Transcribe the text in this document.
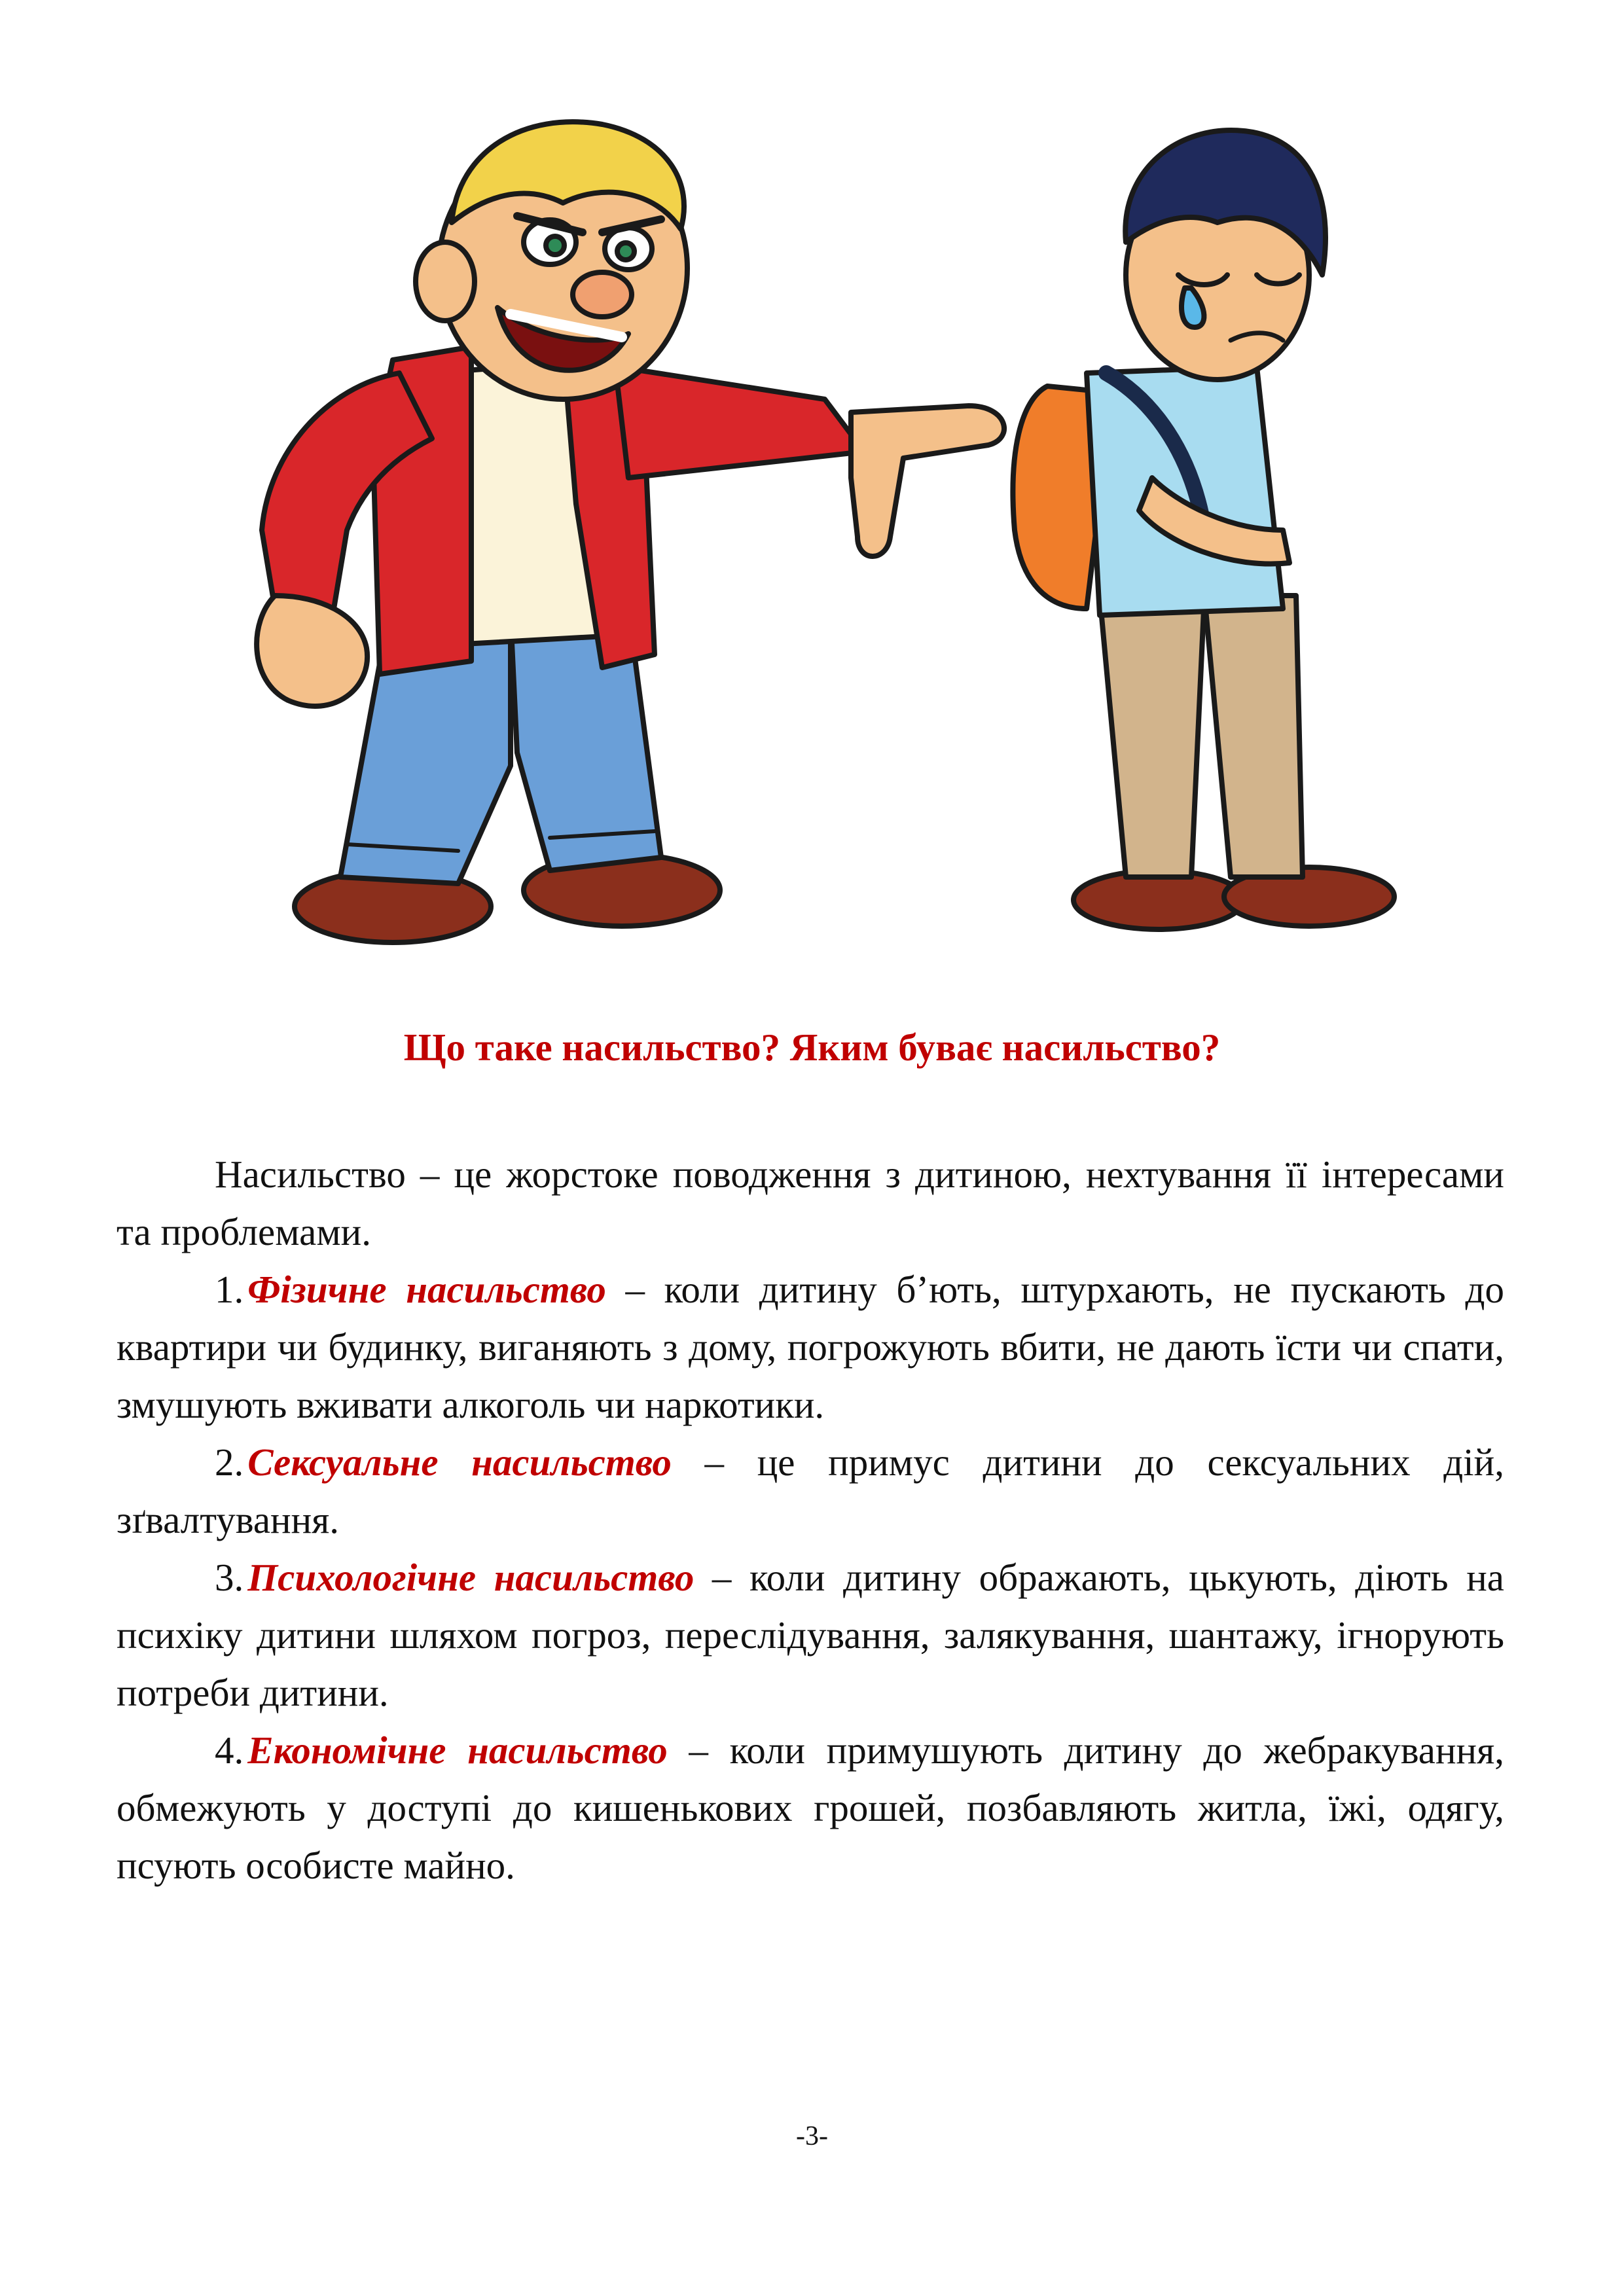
Що таке насильство? Яким буває насильство?

Насильство – це жорстоке поводження з дитиною, нехтування її інтересами та проблемами.

1. Фізичне насильство – коли дитину б’ють, штурхають, не пускають до квартири чи будинку, виганяють з дому, погрожують вбити, не дають їсти чи спати, змушують вживати алкоголь чи наркотики.

2. Сексуальне насильство – це примус дитини до сексуальних дій, зґвалтування.

3. Психологічне насильство – коли дитину ображають, цькують, діють на психіку дитини шляхом погроз, переслідування, залякування, шантажу, ігнорують потреби дитини.

4. Економічне насильство – коли примушують дитину до жебракування, обмежують у доступі до кишенькових грошей, позбавляють житла, їжі, одягу, псують особисте майно.

-3-
